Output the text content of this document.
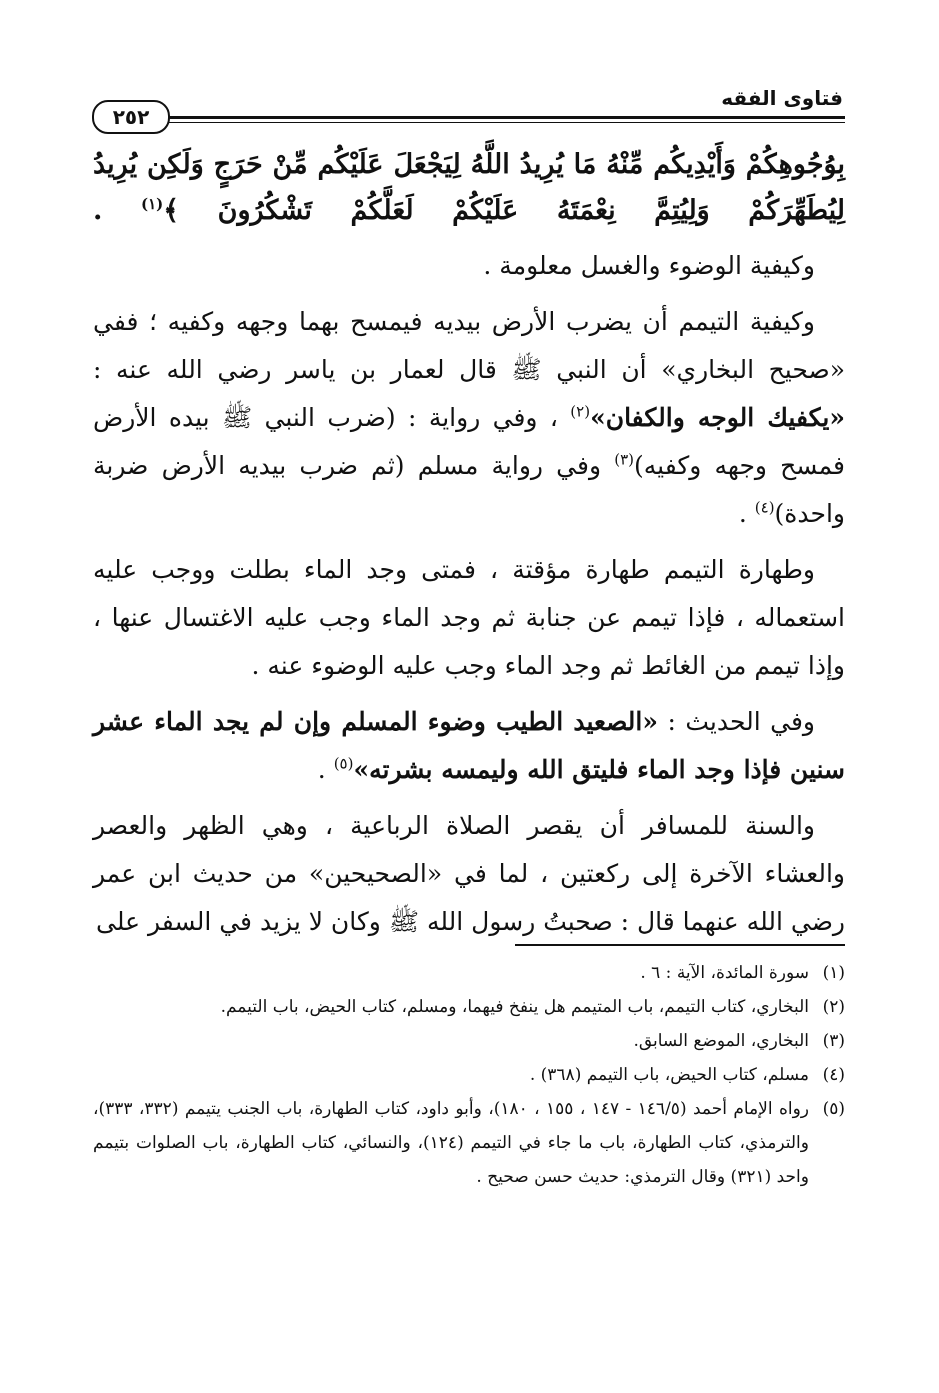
فتاوى الفقه
٢٥٢

بِوُجُوهِكُمْ وَأَيْدِيكُم مِّنْهُ مَا يُرِيدُ اللَّهُ لِيَجْعَلَ عَلَيْكُم مِّنْ حَرَجٍ وَلَكِن يُرِيدُ لِيُطَهِّرَكُمْ وَلِيُتِمَّ نِعْمَتَهُ عَلَيْكُمْ لَعَلَّكُمْ تَشْكُرُونَ ﴾$^{(١)}$ .

وكيفية الوضوء والغسل معلومة .

وكيفية التيمم أن يضرب الأرض بيديه فيمسح بهما وجهه وكفيه ؛ ففي «صحيح البخاري» أن النبي ﷺ قال لعمار بن ياسر رضي الله عنه : «يكفيك الوجه والكفان»$^{(٢)}$ ، وفي رواية : (ضرب النبي ﷺ بيده الأرض فمسح وجهه وكفيه)$^{(٣)}$ وفي رواية مسلم (ثم ضرب بيديه الأرض ضربة واحدة)$^{(٤)}$ .

وطهارة التيمم طهارة مؤقتة ، فمتى وجد الماء بطلت ووجب عليه استعماله ، فإذا تيمم عن جنابة ثم وجد الماء وجب عليه الاغتسال عنها ، وإذا تيمم من الغائط ثم وجد الماء وجب عليه الوضوء عنه .

وفي الحديث : «الصعيد الطيب وضوء المسلم وإن لم يجد الماء عشر سنين فإذا وجد الماء فليتق الله وليمسه بشرته»$^{(٥)}$ .

والسنة للمسافر أن يقصر الصلاة الرباعية ، وهي الظهر والعصر والعشاء الآخرة إلى ركعتين ، لما في «الصحيحين» من حديث ابن عمر رضي الله عنهما قال : صحبتُ رسول الله ﷺ وكان لا يزيد في السفر على

(١)سورة المائدة، الآية : ٦ .

(٢)البخاري، كتاب التيمم، باب المتيمم هل ينفخ فيهما، ومسلم، كتاب الحيض، باب التيمم.

(٣)البخاري، الموضع السابق.

(٤)مسلم، كتاب الحيض، باب التيمم (٣٦٨) .

(٥)رواه الإمام أحمد (١٤٦/٥ - ١٤٧ ، ١٥٥ ، ١٨٠)، وأبو داود، كتاب الطهارة، باب الجنب يتيمم (٣٣٢، ٣٣٣)، والترمذي، كتاب الطهارة، باب ما جاء في التيمم (١٢٤)، والنسائي، كتاب الطهارة، باب الصلوات بتيمم واحد (٣٢١) وقال الترمذي: حديث حسن صحيح .
